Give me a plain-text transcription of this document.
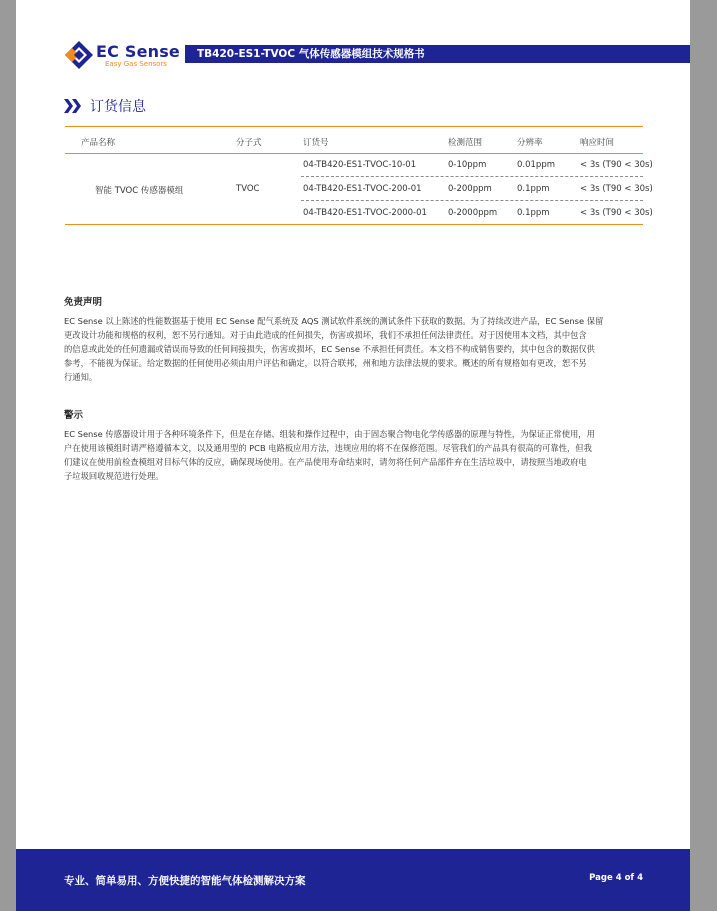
EC Sense
Easy Gas Sensors
TB420-ES1-TVOC 气体传感器模组技术规格书
订货信息
产品名称	分子式	订货号	检测范围	分辨率	响应时间
智能 TVOC 传感器模组	TVOC
04-TB420-ES1-TVOC-10-01	0-10ppm	0.01ppm	< 3s (T90 < 30s)
04-TB420-ES1-TVOC-200-01	0-200ppm	0.1ppm	< 3s (T90 < 30s)
04-TB420-ES1-TVOC-2000-01 0-2000ppm 0.1ppm	< 3s (T90 < 30s)

免责声明

EC Sense 以上陈述的性能数据基于使用 EC Sense 配气系统及 AQS 测试软件系统的测试条件下获取的数据。为了持续改进产品，EC Sense 保留
更改设计功能和规格的权利，恕不另行通知。对于由此造成的任何损失，伤害或损坏，我们不承担任何法律责任。对于因使用本文档，其中包含
的信息或此处的任何遗漏或错误而导致的任何间接损失，伤害或损坏，EC Sense 不承担任何责任。本文档不构成销售要约，其中包含的数据仅供
参考，不能视为保证。给定数据的任何使用必须由用户评估和确定，以符合联邦，州和地方法律法规的要求。概述的所有规格如有更改，恕不另
行通知。

警示

EC Sense 传感器设计用于各种环境条件下，但是在存储、组装和操作过程中，由于固态聚合物电化学传感器的原理与特性，为保证正常使用，用
户在使用该模组时请严格遵循本文，以及通用型的 PCB 电路板应用方法，违规应用的将不在保修范围。尽管我们的产品具有很高的可靠性，但我
们建议在使用前检查模组对目标气体的反应，确保现场使用。在产品使用寿命结束时，请勿将任何产品部件弃在生活垃圾中，请按照当地政府电
子垃圾回收规范进行处理。

专业、简单易用、方便快捷的智能气体检测解决方案	Page 4 of 4
